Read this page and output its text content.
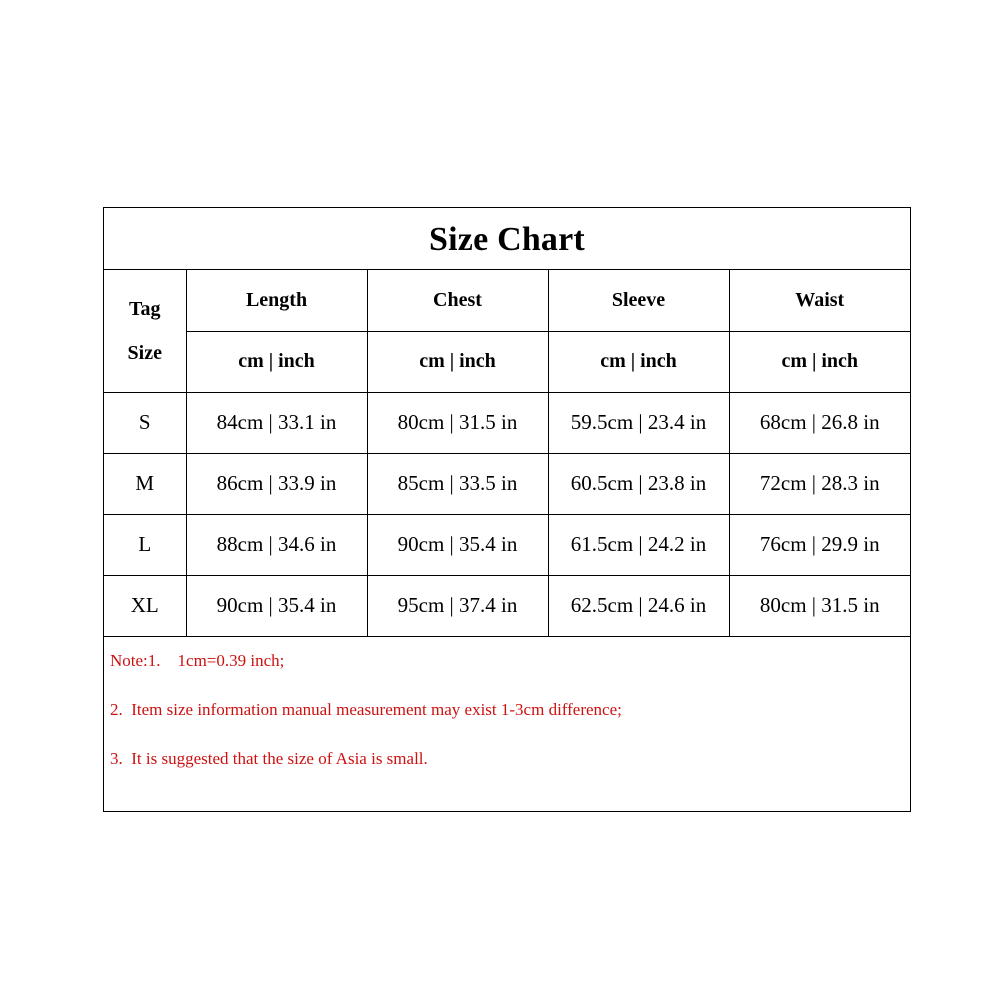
Size Chart
Tag
Size	Length	Chest	Sleeve	Waist
	cm | inch	cm | inch	cm | inch	cm | inch
S	84cm | 33.1 in	80cm | 31.5 in	59.5cm | 23.4 in	68cm | 26.8 in
M	86cm | 33.9 in	85cm | 33.5 in	60.5cm | 23.8 in	72cm | 28.3 in
L	88cm | 34.6 in	90cm | 35.4 in	61.5cm | 24.2 in	76cm | 29.9 in
XL	90cm | 35.4 in	95cm | 37.4 in	62.5cm | 24.6 in	80cm | 31.5 in
Note:1.    1cm=0.39 inch;
2.  Item size information manual measurement may exist 1-3cm difference;
3.  It is suggested that the size of Asia is small.
